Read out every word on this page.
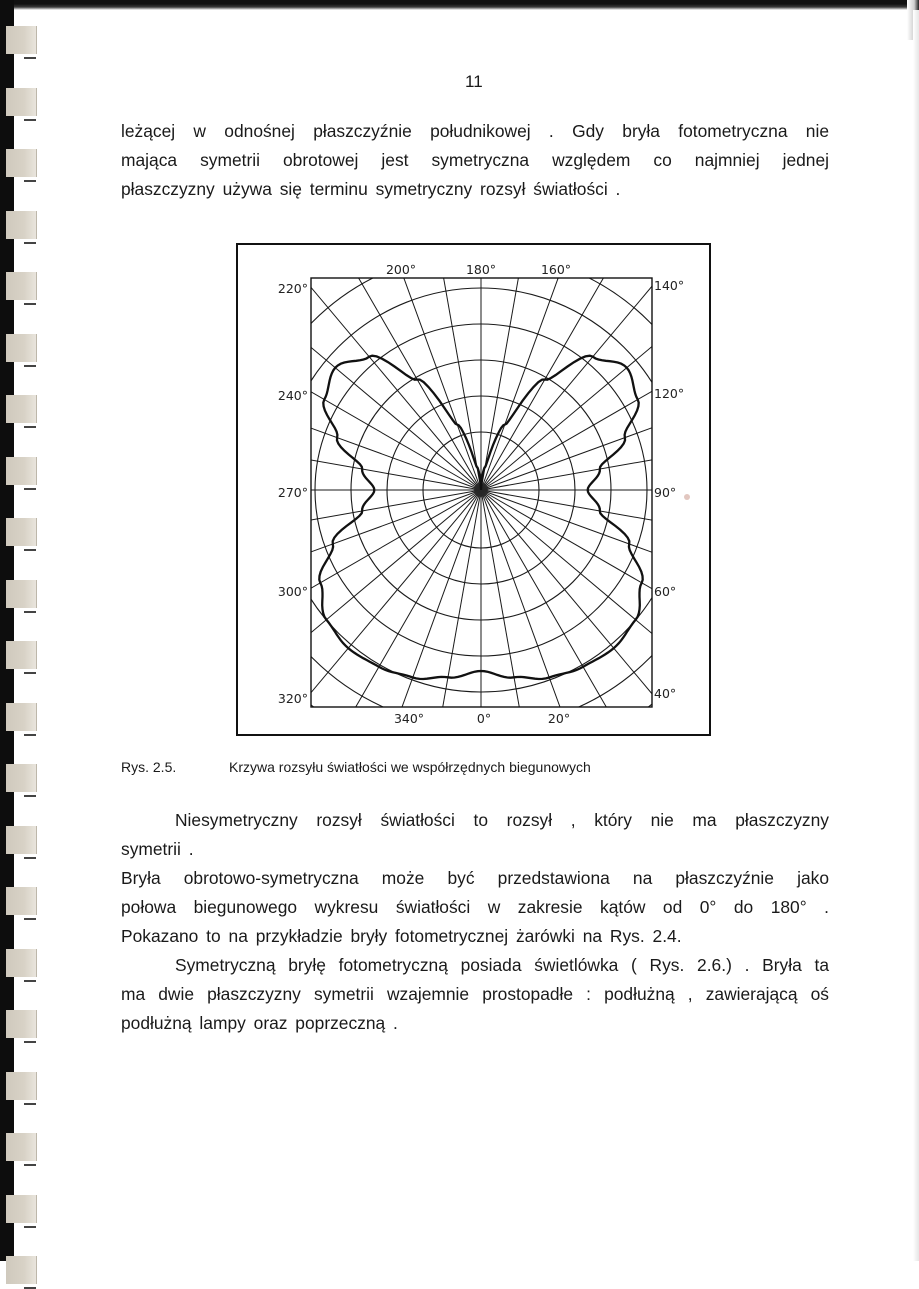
11
leżącej w odnośnej płaszczyźnie południkowej . Gdy bryła fotometryczna nie
mająca symetrii obrotowej jest symetryczna względem co najmniej jednej
płaszczyzny używa się terminu symetryczny rozsył światłości .
200°	180°	160°
340°	0°	20°
220°
240°
270°
300°
320°
140°
120°
90°
60°
40°
Rys. 2.5.	Krzywa rozsyłu światłości we współrzędnych biegunowych
Niesymetryczny rozsył światłości to rozsył , który nie ma płaszczyzny
symetrii .
Bryła obrotowo-symetryczna może być przedstawiona na płaszczyźnie jako
połowa biegunowego wykresu światłości w zakresie kątów od 0° do 180° .
Pokazano to na przykładzie bryły fotometrycznej żarówki na Rys. 2.4.
Symetryczną bryłę fotometryczną posiada świetlówka ( Rys. 2.6.) . Bryła ta
ma dwie płaszczyzny symetrii wzajemnie prostopadłe : podłużną , zawierającą oś
podłużną lampy oraz poprzeczną .
